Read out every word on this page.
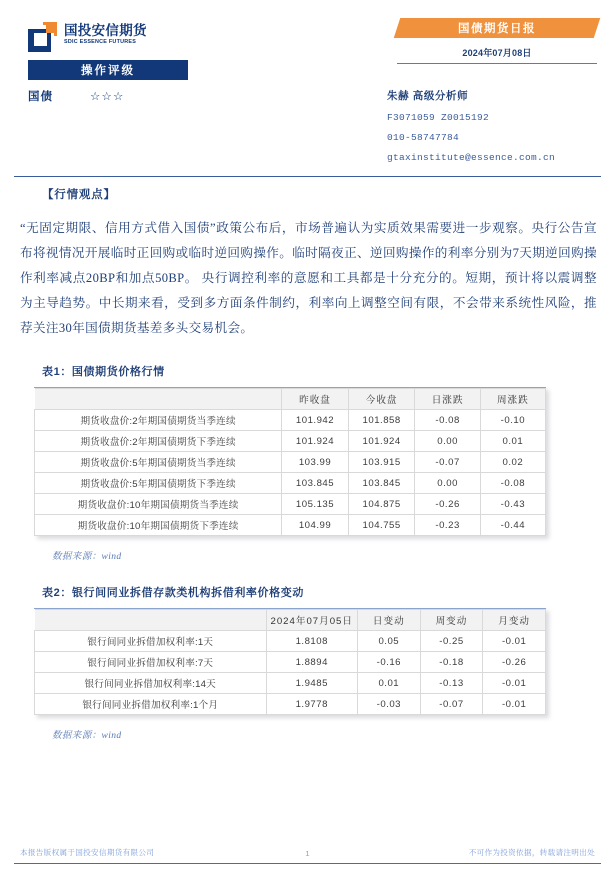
国投安信期货
SDIC ESSENCE FUTURES
操作评级
国债	☆☆☆
国债期货日报
2024年07月08日
朱赫 高级分析师
F3071059 Z0015192
010-58747784
gtaxinstitute@essence.com.cn
【行情观点】
“无固定期限、信用方式借入国债”政策公布后，市场普遍认为实质效果需要进一步观察。央行公告宣布将视情况开展临时正回购或临时逆回购操作。临时隔夜正、逆回购操作的利率分别为7天期逆回购操作利率减点20BP和加点50BP。 央行调控利率的意愿和工具都是十分充分的。短期，预计将以震调整为主导趋势。中长期来看，受到多方面条件制约，利率向上调整空间有限，不会带来系统性风险，推荐关注30年国债期货基差多头交易机会。
表1：国债期货价格行情
	昨收盘	今收盘	日涨跌	周涨跌
期货收盘价:2年期国债期货当季连续	101.942	101.858	-0.08	-0.10
期货收盘价:2年期国债期货下季连续	101.924	101.924	0.00	0.01
期货收盘价:5年期国债期货当季连续	103.99	103.915	-0.07	0.02
期货收盘价:5年期国债期货下季连续	103.845	103.845	0.00	-0.08
期货收盘价:10年期国债期货当季连续	105.135	104.875	-0.26	-0.43
期货收盘价:10年期国债期货下季连续	104.99	104.755	-0.23	-0.44
数据来源：wind
表2：银行间同业拆借存款类机构拆借利率价格变动
	2024年07月05日	日变动	周变动	月变动
银行间同业拆借加权利率:1天	1.8108	0.05	-0.25	-0.01
银行间同业拆借加权利率:7天	1.8894	-0.16	-0.18	-0.26
银行间同业拆借加权利率:14天	1.9485	0.01	-0.13	-0.01
银行间同业拆借加权利率:1个月	1.9778	-0.03	-0.07	-0.01
数据来源：wind
本报告版权属于国投安信期货有限公司	不可作为投资依据，转载请注明出处
1
